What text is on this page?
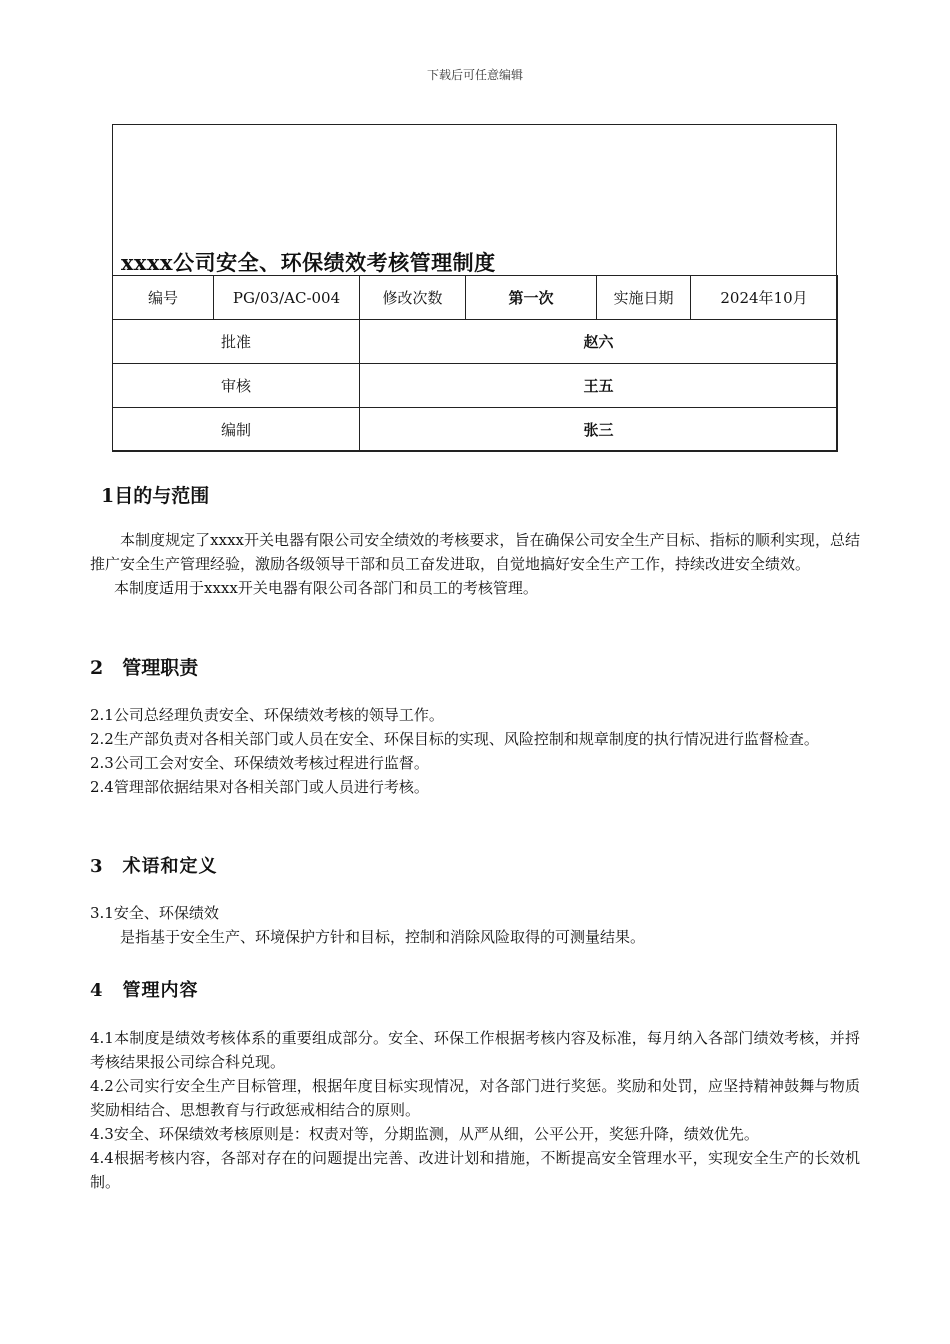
下载后可任意编辑
xxxx公司安全、环保绩效考核管理制度
编号	PG/03/AC-004	修改次数	第一次	实施日期	2024年10月
批准		赵六			
审核		王五			
编制		张三			
1目的与范围

本制度规定了xxxx开关电器有限公司安全绩效的考核要求，旨在确保公司安全生产目标、指标的顺利实现，总结推广安全生产管理经验，激励各级领导干部和员工奋发进取，自觉地搞好安全生产工作，持续改进安全绩效。

本制度适用于xxxx开关电器有限公司各部门和员工的考核管理。

2　管理职责

2.1公司总经理负责安全、环保绩效考核的领导工作。

2.2生产部负责对各相关部门或人员在安全、环保目标的实现、风险控制和规章制度的执行情况进行监督检查。

2.3公司工会对安全、环保绩效考核过程进行监督。

2.4管理部依据结果对各相关部门或人员进行考核。

3　术语和定义

3.1安全、环保绩效

是指基于安全生产、环境保护方针和目标，控制和消除风险取得的可测量结果。

4　管理内容

4.1本制度是绩效考核体系的重要组成部分。安全、环保工作根据考核内容及标准，每月纳入各部门绩效考核，并捋考核结果报公司综合科兑现。

4.2公司实行安全生产目标管理，根据年度目标实现情况，对各部门进行奖惩。奖励和处罚，应坚持精神鼓舞与物质奖励相结合、思想教育与行政惩戒相结合的原则。

4.3安全、环保绩效考核原则是：权责对等，分期监测，从严从细，公平公开，奖惩升降，绩效优先。

4.4根据考核内容，各部对存在的问题提出完善、改进计划和措施，不断提高安全管理水平，实现安全生产的长效机制。
